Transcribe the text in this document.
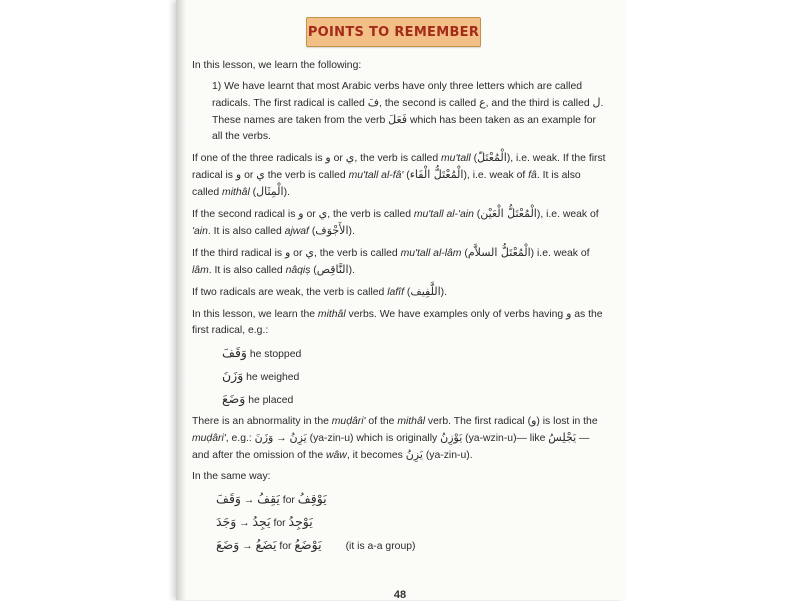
POINTS TO REMEMBER

In this lesson, we learn the following:

1) We have learnt that most Arabic verbs have only three letters which are called radicals. The first radical is called فَ, the second is called ع, and the third is called ل. These names are taken from the verb فَعَلَ which has been taken as an example for all the verbs.

If one of the three radicals is و or ي, the verb is called mu'tall (الْمُعْتَلّ), i.e. weak. If the first radical is و or ي the verb is called mu'tall al-fâ' (الْمُعْتَلُّ الْفَاء), i.e. weak of fâ. It is also called mithâl (الْمِثَال).

If the second radical is و or ي, the verb is called mu'tall al-'ain (الْمُعْتَلُّ الْعَيْن), i.e. weak of 'ain. It is also called ajwaf (الأَجْوَف).

If the third radical is و or ي, the verb is called mu'tall al-lâm (الْمُعْتَلُّ السلاَّم) i.e. weak of lâm. It is also called nâqiṣ (النَّاقِص).

If two radicals are weak, the verb is called lafîf (اللَّفِيف).

In this lesson, we learn the mithâl verbs. We have examples only of verbs having و as the first radical, e.g.:

وَقَفَ he stopped
وَزَنَ he weighed
وَضَعَ he placed

There is an abnormality in the muḍâri' of the mithâl verb. The first radical (و) is lost in the muḍâri', e.g.: وَزَنَ → يَزِنُ (ya-zin-u) which is originally يَوْزِنُ (ya-wzin-u)— like يَجْلِسُ — and after the omission of the wâw, it becomes يَزِنُ (ya-zin-u).

In the same way:

وَقَفَ → يَقِفُ for يَوْقِفُ
وَجَدَ → يَجِدُ for يَوْجِدُ
وَضَعَ → يَضَعُ for يَوْضَعُ (it is a-a group)
48
